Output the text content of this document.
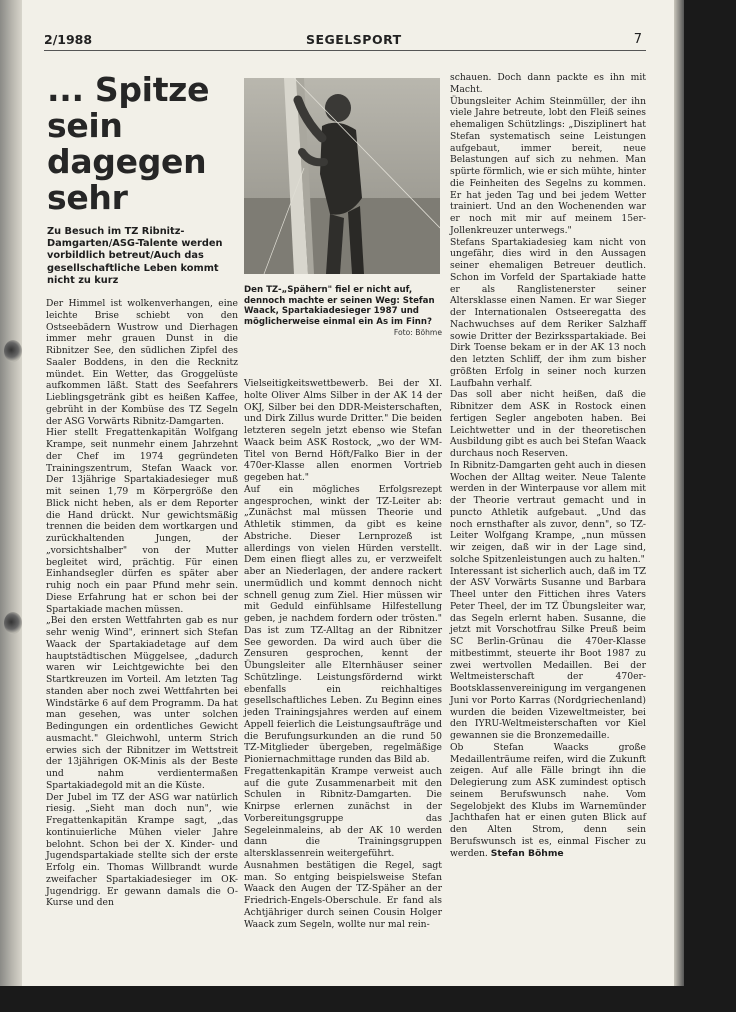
2/1988	SEGELSPORT	7
... Spitze sein dagegen sehr
Zu Besuch im TZ Ribnitz-Damgarten/ASG-Talente werden vorbildlich betreut/Auch das gesellschaftliche Leben kommt nicht zu kurz
Den TZ-„Spähern" fiel er nicht auf, dennoch machte er seinen Weg: Stefan Waack, Spartakiadesieger 1987 und möglicherweise einmal ein As im Finn?
Foto: Böhme

Der Himmel ist wolkenverhangen, eine leichte Brise schiebt von den Ostseebädern Wustrow und Dierhagen immer mehr grauen Dunst in die Ribnitzer See, den südlichen Zipfel des Saaler Boddens, in den die Recknitz mündet. Ein Wetter, das Groggelüste aufkommen läßt. Statt des Seefahrers Lieblingsgetränk gibt es heißen Kaffee, gebrüht in der Kombüse des TZ Segeln der ASG Vorwärts Ribnitz-Damgarten.

Hier stellt Fregattenkapitän Wolfgang Krampe, seit nunmehr einem Jahrzehnt der Chef im 1974 gegründeten Trainingszentrum, Stefan Waack vor. Der 13jährige Spartakiadesieger muß mit seinen 1,79 m Körpergröße den Blick nicht heben, als er dem Reporter die Hand drückt. Nur gewichtsmäßig trennen die beiden dem wortkargen und zurückhaltenden Jungen, der „vorsichtshalber" von der Mutter begleitet wird, prächtig. Für einen Einhandsegler dürfen es später aber ruhig noch ein paar Pfund mehr sein. Diese Erfahrung hat er schon bei der Spartakiade machen müssen.

„Bei den ersten Wettfahrten gab es nur sehr wenig Wind", erinnert sich Stefan Waack der Spartakiadetage auf dem hauptstädtischen Müggelsee, „dadurch waren wir Leichtgewichte bei den Startkreuzen im Vorteil. Am letzten Tag standen aber noch zwei Wettfahrten bei Windstärke 6 auf dem Programm. Da hat man gesehen, was unter solchen Bedingungen ein ordentliches Gewicht ausmacht." Gleichwohl, unterm Strich erwies sich der Ribnitzer im Wettstreit der 13jährigen OK-Minis als der Beste und nahm verdientermaßen Spartakiadegold mit an die Küste.

Der Jubel im TZ der ASG war natürlich riesig. „Sieht man doch nun", wie Fregattenkapitän Krampe sagt, „das kontinuierliche Mühen vieler Jahre belohnt. Schon bei der X. Kinder- und Jugendspartakiade stellte sich der erste Erfolg ein. Thomas Willbrandt wurde zweifacher Spartakiadesieger im OK-Jugendrigg. Er gewann damals die O-Kurse und den

Vielseitigkeitswettbewerb. Bei der XI. holte Oliver Alms Silber in der AK 14 der OKJ, Silber bei den DDR-Meisterschaften, und Dirk Zillus wurde Dritter." Die beiden letzteren segeln jetzt ebenso wie Stefan Waack beim ASK Rostock, „wo der WM-Titel von Bernd Höft/Falko Bier in der 470er-Klasse allen enormen Vortrieb gegeben hat."

Auf ein mögliches Erfolgsrezept angesprochen, winkt der TZ-Leiter ab: „Zunächst mal müssen Theorie und Athletik stimmen, da gibt es keine Abstriche. Dieser Lernprozeß ist allerdings von vielen Hürden verstellt. Dem einen fliegt alles zu, er verzweifelt aber an Niederlagen, der andere rackert unermüdlich und kommt dennoch nicht schnell genug zum Ziel. Hier müssen wir mit Geduld einfühlsame Hilfestellung geben, je nachdem fordern oder trösten." Das ist zum TZ-Alltag an der Ribnitzer See geworden. Da wird auch über die Zensuren gesprochen, kennt der Übungsleiter alle Elternhäuser seiner Schützlinge. Leistungsfördernd wirkt ebenfalls ein reichhaltiges gesellschaftliches Leben. Zu Beginn eines jeden Trainingsjahres werden auf einem Appell feierlich die Leistungsaufträge und die Berufungsurkunden an die rund 50 TZ-Mitglieder übergeben, regelmäßige Pioniernachmittage runden das Bild ab.

Fregattenkapitän Krampe verweist auch auf die gute Zusammenarbeit mit den Schulen in Ribnitz-Damgarten. Die Knirpse erlernen zunächst in der Vorbereitungsgruppe das Segeleinmaleins, ab der AK 10 werden dann die Trainingsgruppen altersklassenrein weitergeführt.

Ausnahmen bestätigen die Regel, sagt man. So entging beispielsweise Stefan Waack den Augen der TZ-Späher an der Friedrich-Engels-Oberschule. Er fand als Achtjähriger durch seinen Cousin Holger Waack zum Segeln, wollte nur mal rein-

schauen. Doch dann packte es ihn mit Macht.

Übungsleiter Achim Steinmüller, der ihn viele Jahre betreute, lobt den Fleiß seines ehemaligen Schützlings: „Disziplinert hat Stefan systematisch seine Leistungen aufgebaut, immer bereit, neue Belastungen auf sich zu nehmen. Man spürte förmlich, wie er sich mühte, hinter die Feinheiten des Segelns zu kommen. Er hat jeden Tag und bei jedem Wetter trainiert. Und an den Wochenenden war er noch mit mir auf meinem 15er-Jollenkreuzer unterwegs."

Stefans Spartakiadesieg kam nicht von ungefähr, dies wird in den Aussagen seiner ehemaligen Betreuer deutlich. Schon im Vorfeld der Spartakiade hatte er als Ranglistenerster seiner Altersklasse einen Namen. Er war Sieger der Internationalen Ostseeregatta des Nachwuchses auf dem Reriker Salzhaff sowie Dritter der Bezirksspartakiade. Bei Dirk Toense bekam er in der AK 13 noch den letzten Schliff, der ihm zum bisher größten Erfolg in seiner noch kurzen Laufbahn verhalf.

Das soll aber nicht heißen, daß die Ribnitzer dem ASK in Rostock einen fertigen Segler angeboten haben. Bei Leichtwetter und in der theoretischen Ausbildung gibt es auch bei Stefan Waack durchaus noch Reserven.

In Ribnitz-Damgarten geht auch in diesen Wochen der Alltag weiter. Neue Talente werden in der Winterpause vor allem mit der Theorie vertraut gemacht und in puncto Athletik aufgebaut. „Und das noch ernsthafter als zuvor, denn", so TZ-Leiter Wolfgang Krampe, „nun müssen wir zeigen, daß wir in der Lage sind, solche Spitzenleistungen auch zu halten."

Interessant ist sicherlich auch, daß im TZ der ASV Vorwärts Susanne und Barbara Theel unter den Fittichen ihres Vaters Peter Theel, der im TZ Übungsleiter war, das Segeln erlernt haben. Susanne, die jetzt mit Vorschotfrau Silke Preuß beim SC Berlin-Grünau die 470er-Klasse mitbestimmt, steuerte ihr Boot 1987 zu zwei wertvollen Medaillen. Bei der Weltmeisterschaft der 470er-Bootsklassenvereinigung im vergangenen Juni vor Porto Karras (Nordgriechenland) wurden die beiden Vizeweltmeister, bei den IYRU-Weltmeisterschaften vor Kiel gewannen sie die Bronzemedaille.

Ob Stefan Waacks große Medaillenträume reifen, wird die Zukunft zeigen. Auf alle Fälle bringt ihn die Delegierung zum ASK zumindest optisch seinem Berufswunsch nahe. Vom Segelobjekt des Klubs im Warnemünder Jachthafen hat er einen guten Blick auf den Alten Strom, denn sein Berufswunsch ist es, einmal Fischer zu werden. Stefan Böhme
